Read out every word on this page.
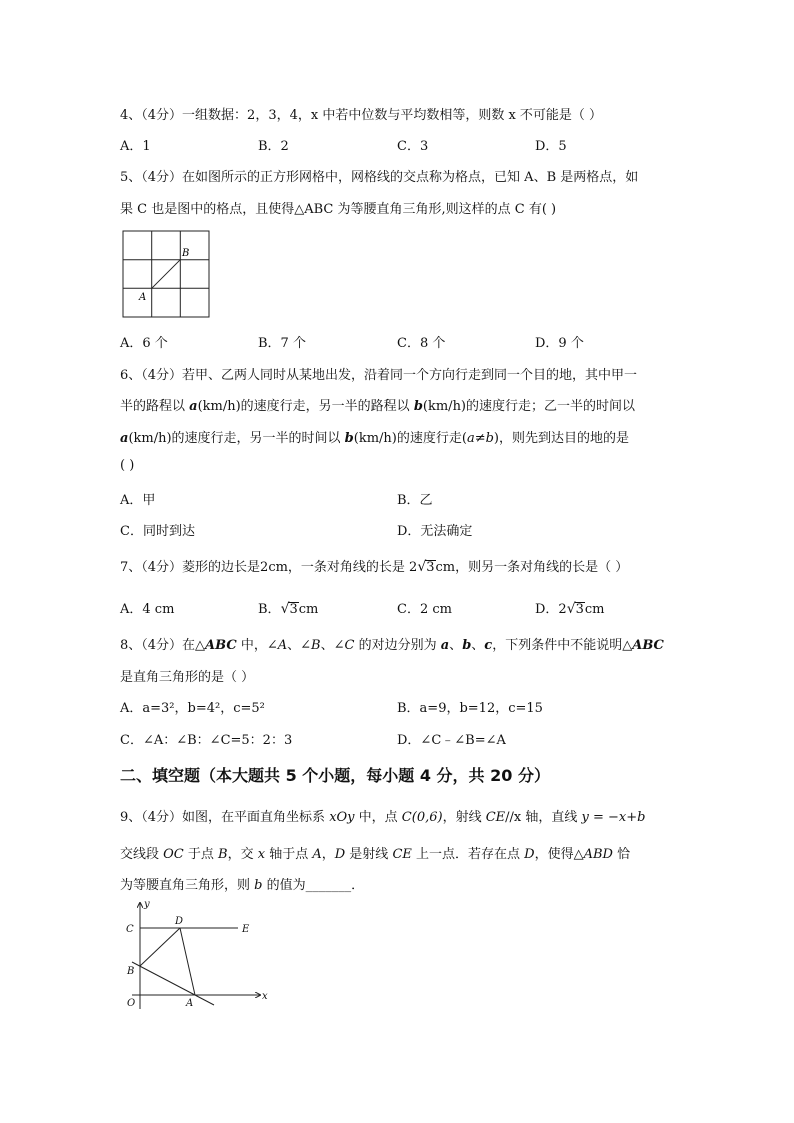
4、（4分）一组数据：2，3，4，x 中若中位数与平均数相等，则数 x 不可能是（ ）
A．1	B．2	C．3	D．5
5、（4分）在如图所示的正方形网格中，网格线的交点称为格点，已知 A、B 是两格点，如
果 C 也是图中的格点，且使得△ABC 为等腰直角三角形,则这样的点 C 有( )
A
B
A．6 个	B．7 个	C．8 个	D．9 个
6、（4分）若甲、乙两人同时从某地出发，沿着同一个方向行走到同一个目的地，其中甲一
半的路程以 a(km/h)的速度行走，另一半的路程以 b(km/h)的速度行走；乙一半的时间以
a(km/h)的速度行走，另一半的时间以 b(km/h)的速度行走(a≠b)，则先到达目的地的是
( )
A．甲	B．乙
C．同时到达	D．无法确定
7、（4分）菱形的边长是2cm，一条对角线的长是 2√3cm，则另一条对角线的长是（ ）
A．4 cm	B．√3cm	C．2 cm	D．2√3cm
8、（4分）在△ABC 中，∠A、∠B、∠C 的对边分别为 a、b、c，下列条件中不能说明△ABC
是直角三角形的是（ ）
A．a=3²，b=4²，c=5²	B．a=9，b=12，c=15
C．∠A：∠B：∠C=5：2：3	D．∠C﹣∠B=∠A
二、填空题（本大题共 5 个小题，每小题 4 分，共 20 分）
9、（4分）如图，在平面直角坐标系 xOy 中，点 C(0,6)，射线 CE//x 轴，直线 y = −x+b
交线段 OC 于点 B，交 x 轴于点 A，D 是射线 CE 上一点．若存在点 D，使得△ABD 恰
为等腰直角三角形，则 b 的值为_______．
y
C
D
E
B
O	A
x
